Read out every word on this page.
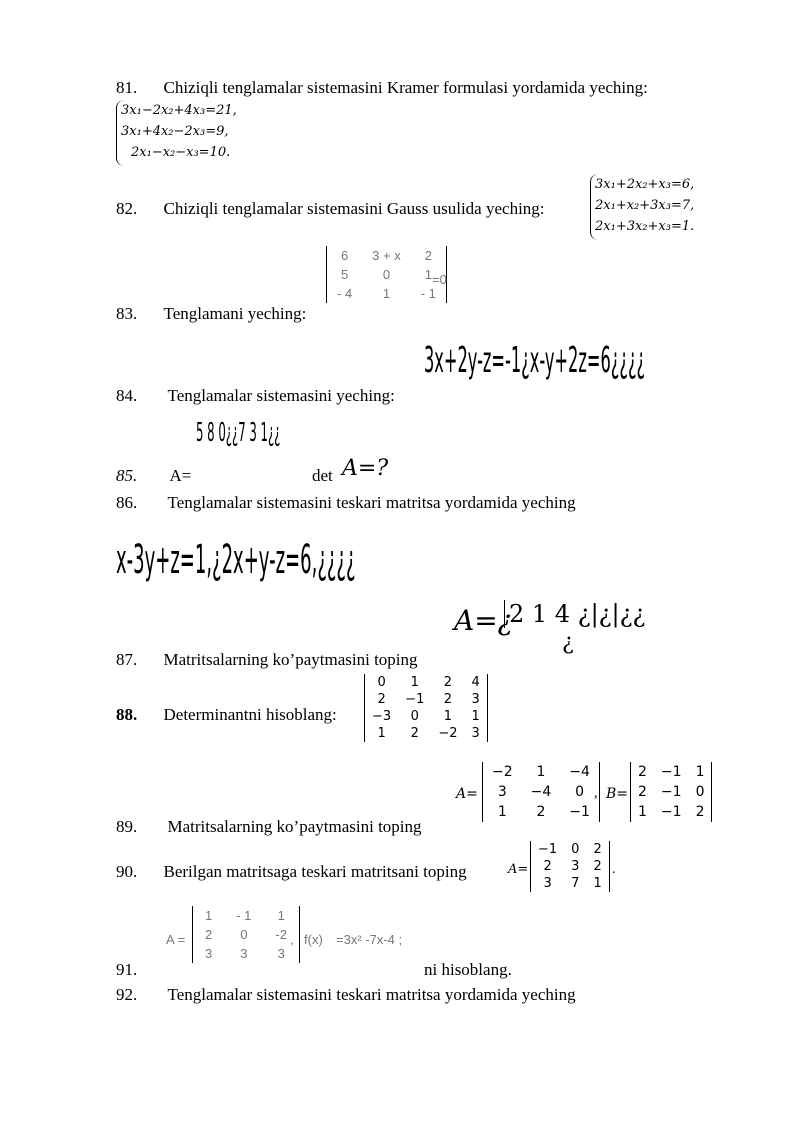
81. Chiziqli tenglamalar sistemasini Kramer formulasi yordamida yeching:
3x₁−2x₂+4x₃=21,
3x₁+4x₂−2x₃=9,
2x₁−x₂−x₃=10.
3x₁+2x₂+x₃=6,
2x₁+x₂+3x₃=7,
2x₁+3x₂+x₃=1.
82. Chiziqli tenglamalar sistemasini Gauss usulida yeching:
6	3 + x	2
5	0	1
- 4	1	- 1
=0
83. Tenglamani yeching:
3x+2y-z=-1¿x-y+2z=6¿¿¿¿
84. Tenglamalar sistemasini yeching:
5 8 0¿¿7 3 1¿¿
85. A=	det A=?
86. Tenglamalar sistemasini teskari matritsa yordamida yeching
x-3y+z=1,¿2x+y-z=6,¿¿¿¿
A=¿
2 1 4 ¿|¿|¿¿
¿
87. Matritsalarning ko’paytmasini toping
0	1	2	4
2	−1	2	3
−3	0	1	1
1	2	−2	3
88. Determinantni hisoblang:
A=
−2	1	−4
3	−4	0
1	2	−1
, B=
2	−1	1
2	−1	0
1	−1	2
89. Matritsalarning ko’paytmasini toping
90. Berilgan matritsaga teskari matritsani toping	A=
−1	0	2
2	3	2
3	7	1
.
A =
1	- 1	1
2	0	-2
3	3	3
, f(x) =3x² -7x-4 ;
91.	ni hisoblang.
92. Tenglamalar sistemasini teskari matritsa yordamida yeching
